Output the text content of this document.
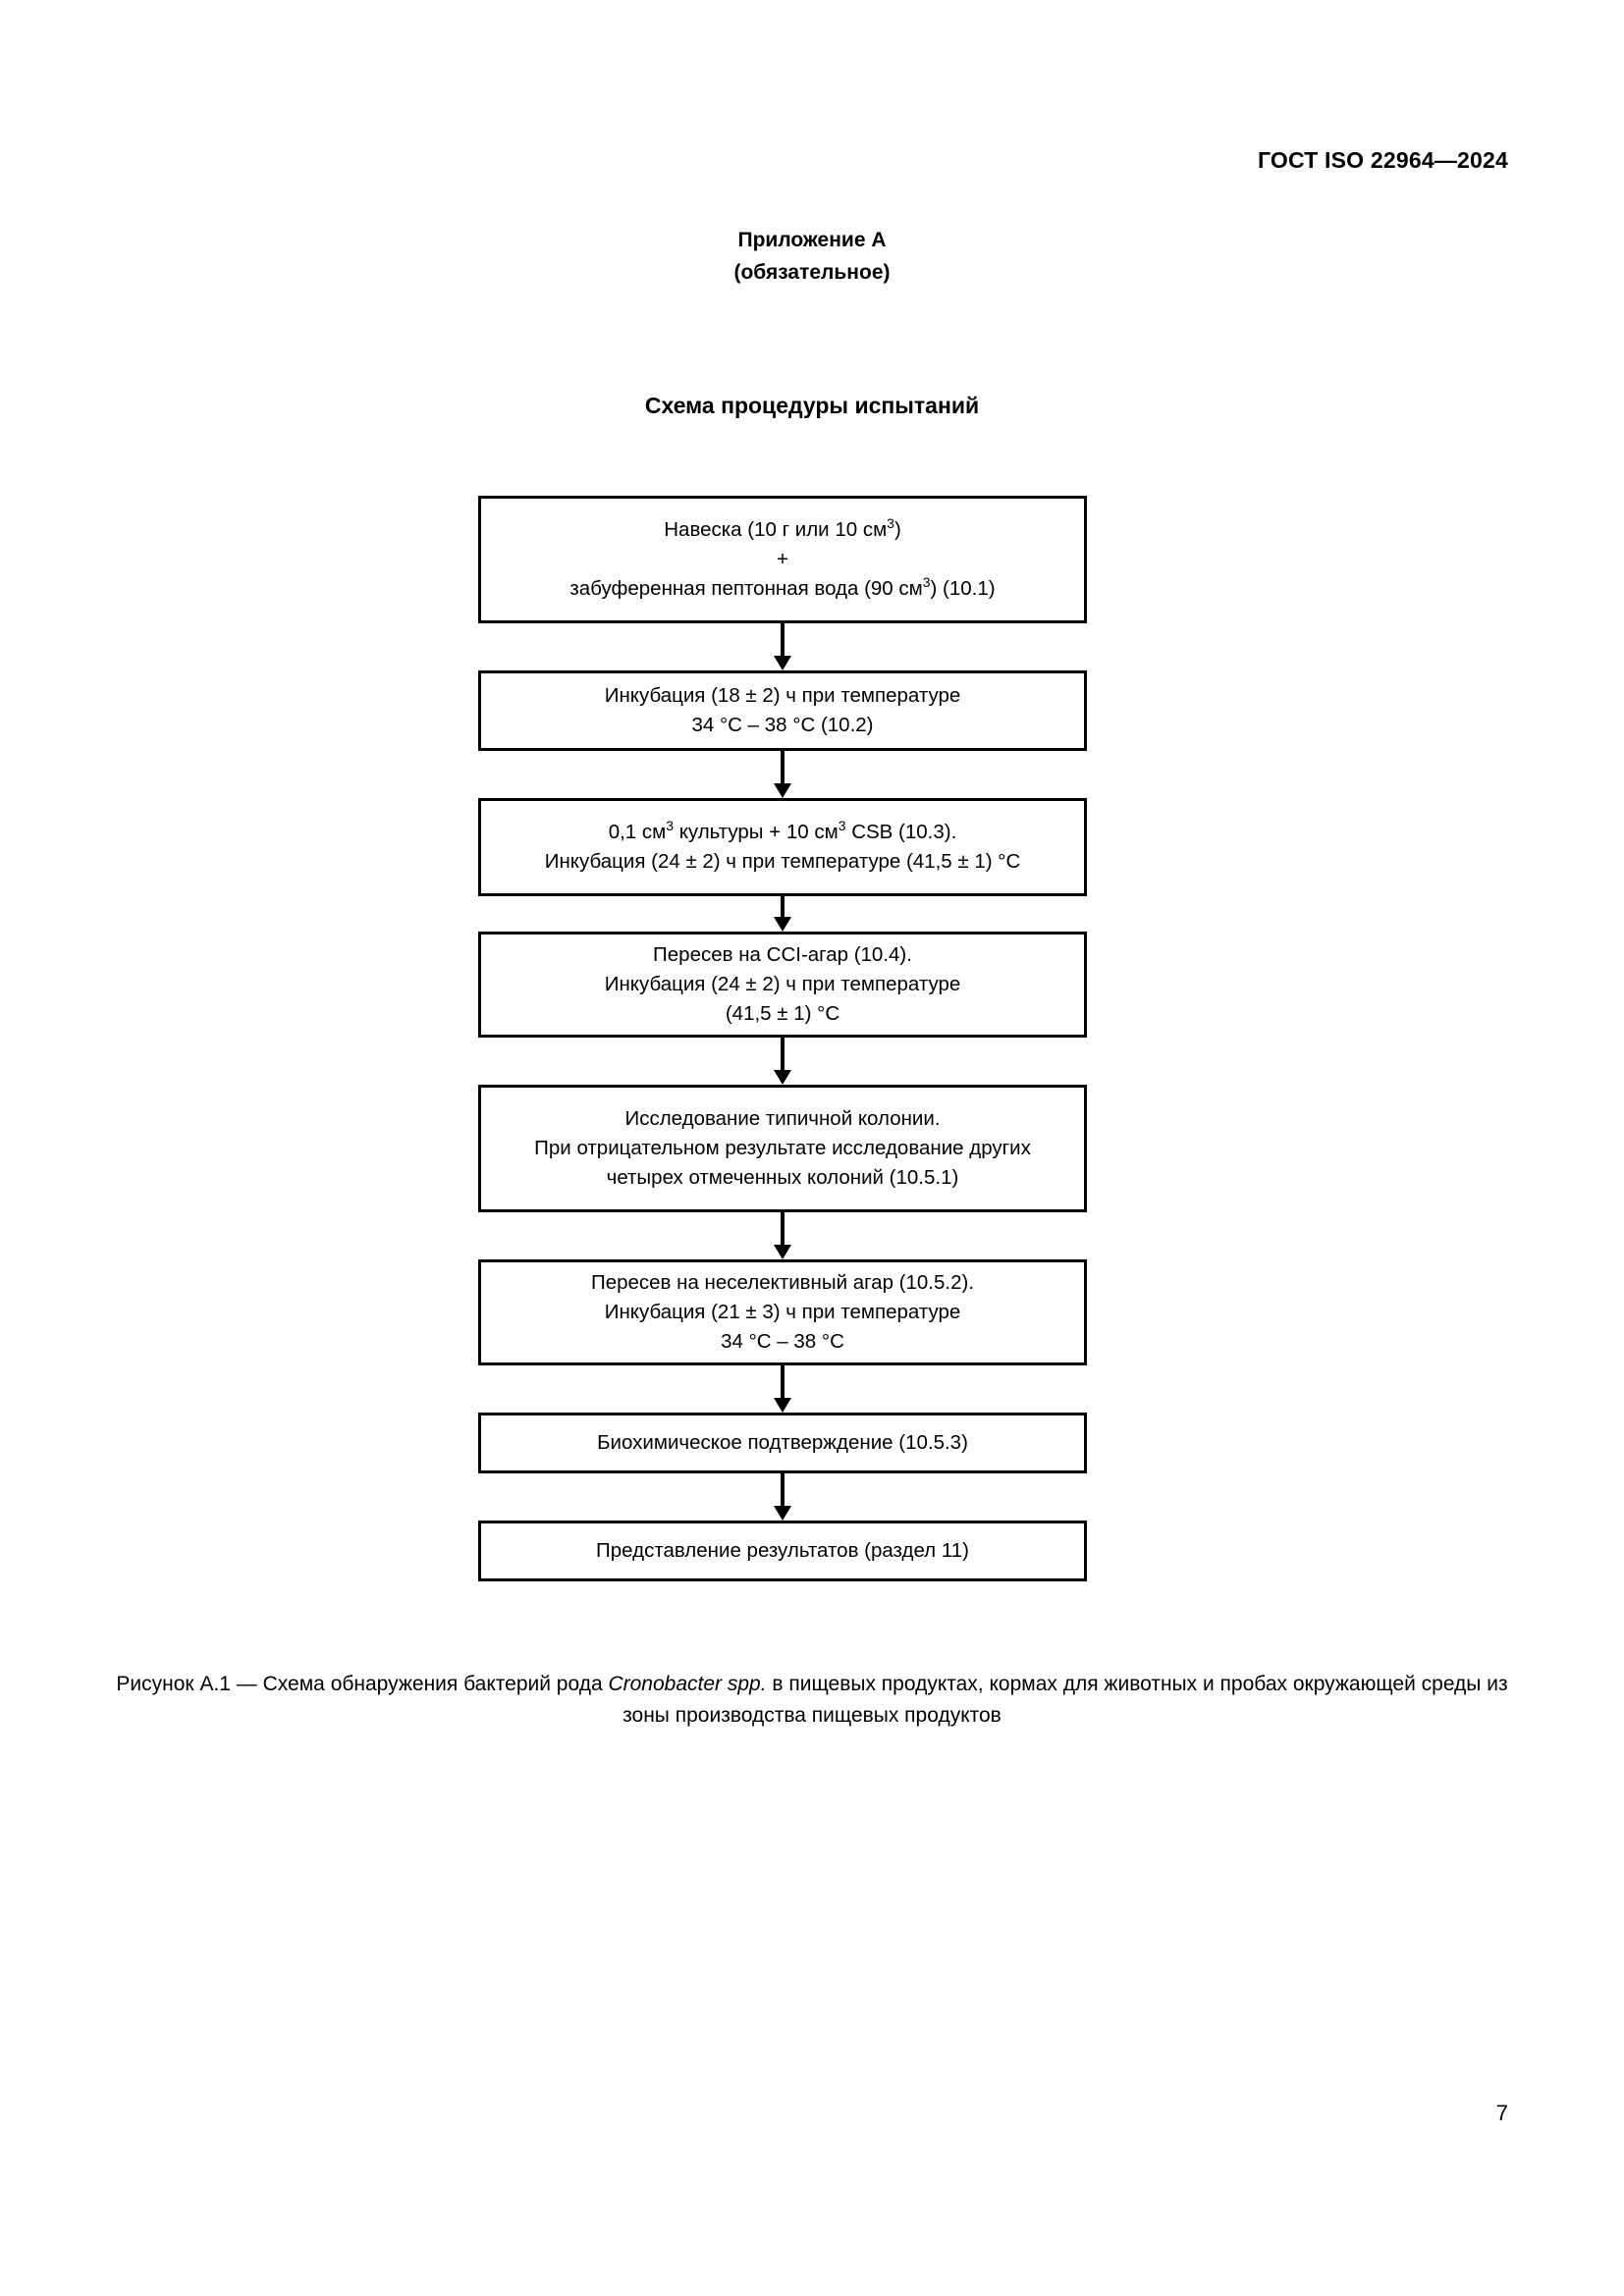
ГОСТ ISO 22964—2024
Приложение А
(обязательное)
Схема процедуры испытаний
Навеска (10 г или 10 $см^3$)
+
забуференная пептонная вода (90 $см^3$) (10.1)
Инкубация (18 ± 2) ч при температуре
34 °C – 38 °C (10.2)
0,1 $см^3$ культуры + 10 $см^3$ CSB (10.3).
Инкубация (24 ± 2) ч при температуре (41,5 ± 1) °C
Пересев на CCI-агар (10.4).
Инкубация (24 ± 2) ч при температуре
(41,5 ± 1) °C
Исследование типичной колонии.
При отрицательном результате исследование других
четырех отмеченных колоний (10.5.1)
Пересев на неселективный агар (10.5.2).
Инкубация (21 ± 3) ч при температуре
34 °C – 38 °C
Биохимическое подтверждение (10.5.3)
Представление результатов (раздел 11)
Рисунок А.1 — Схема обнаружения бактерий рода Cronobacter spp. в пищевых продуктах, кормах для животных и пробах окружающей среды из зоны производства пищевых продуктов
7
